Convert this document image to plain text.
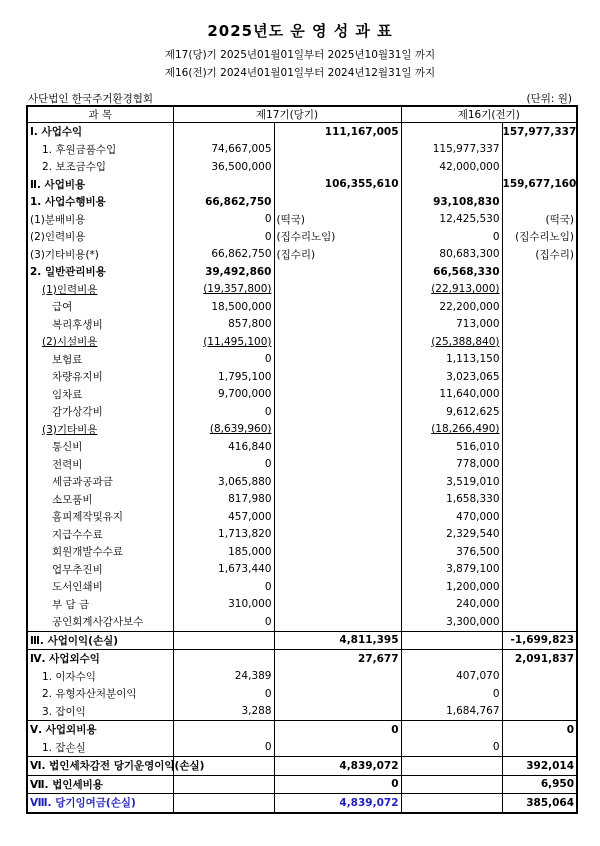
2025년도 운 영 성 과 표
제17(당)기 2025년01월01일부터 2025년10월31일 까지
제16(전)기 2024년01월01일부터 2024년12월31일 까지
사단법인 한국주거환경협회	(단위: 원)
과 목	제17기(당기)		제16기(전기)	
Ⅰ. 사업수익		111,167,005		157,977,337
1. 후원금품수입	74,667,005		115,977,337	
2. 보조금수입	36,500,000		42,000,000	
Ⅱ. 사업비용		106,355,610		159,677,160
1. 사업수행비용	66,862,750		93,108,830	
(1)분배비용	0	(떡국)	12,425,530	(떡국)
(2)인력비용	0	(집수리노임)	0	(집수리노임)
(3)기타비용(*)	66,862,750	(집수리)	80,683,300	(집수리)
2. 일반관리비용	39,492,860		66,568,330	
(1)인력비용	(19,357,800)		(22,913,000)	
급여	18,500,000		22,200,000	
복리후생비	857,800		713,000	
(2)시설비용	(11,495,100)		(25,388,840)	
보험료	0		1,113,150	
차량유지비	1,795,100		3,023,065	
임차료	9,700,000		11,640,000	
감가상각비	0		9,612,625	
(3)기타비용	(8,639,960)		(18,266,490)	
통신비	416,840		516,010	
전력비	0		778,000	
세금과공과금	3,065,880		3,519,010	
소모품비	817,980		1,658,330	
홈피제작및유지	457,000		470,000	
지급수수료	1,713,820		2,329,540	
회원개발수수료	185,000		376,500	
업무추진비	1,673,440		3,879,100	
도서인쇄비	0		1,200,000	
부 담 금	310,000		240,000	
공인회계사감사보수	0		3,300,000	
Ⅲ. 사업이익(손실)		4,811,395		-1,699,823
Ⅳ. 사업외수익		27,677		2,091,837
1. 이자수익	24,389		407,070	
2. 유형자산처분이익	0		0	
3. 잡이익	3,288		1,684,767	
Ⅴ. 사업외비용		0		0
1. 잡손실	0		0	
Ⅵ. 법인세차감전 당기운영이익(손실)		4,839,072		392,014
Ⅶ. 법인세비용		0		6,950
Ⅷ. 당기잉여금(손실)		4,839,072		385,064
